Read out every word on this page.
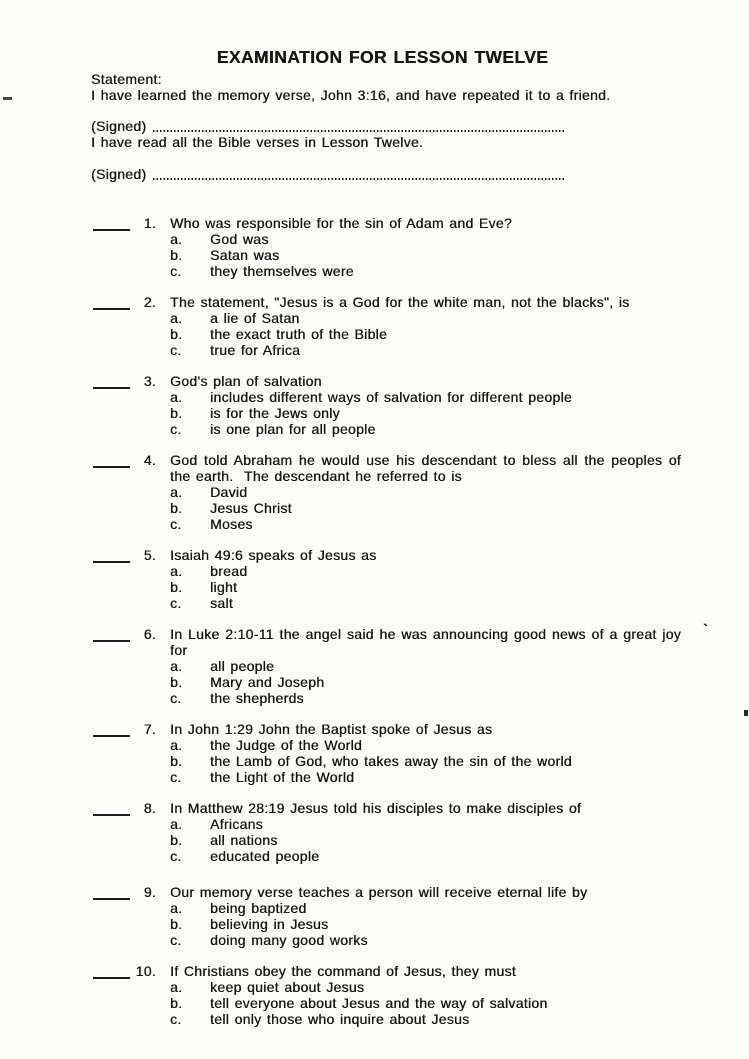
EXAMINATION FOR LESSON TWELVE
Statement:
I have learned the memory verse, John 3:16, and have repeated it to a friend.
(Signed)
I have read all the Bible verses in Lesson Twelve.
(Signed)
1. Who was responsible for the sin of Adam and Eve?
a.	God was
b.	Satan was
c.	they themselves were
2. The statement, "Jesus is a God for the white man, not the blacks", is
a.	a lie of Satan
b.	the exact truth of the Bible
c.	true for Africa
3. God's plan of salvation
a.	includes different ways of salvation for different people
b.	is for the Jews only
c.	is one plan for all people
4. God told Abraham he would use his descendant to bless all the peoples of
the earth.  The descendant he referred to is
a.	David
b.	Jesus Christ
c.	Moses
5. Isaiah 49:6 speaks of Jesus as
a.	bread
b.	light
c.	salt
6. In Luke 2:10-11 the angel said he was announcing good news of a great joy
for
a.	all people
b.	Mary and Joseph
c.	the shepherds
7. In John 1:29 John the Baptist spoke of Jesus as
a.	the Judge of the World
b.	the Lamb of God, who takes away the sin of the world
c.	the Light of the World
8. In Matthew 28:19 Jesus told his disciples to make disciples of
a.	Africans
b.	all nations
c.	educated people
9. Our memory verse teaches a person will receive eternal life by
a.	being baptized
b.	believing in Jesus
c.	doing many good works
10. If Christians obey the command of Jesus, they must
a.	keep quiet about Jesus
b.	tell everyone about Jesus and the way of salvation
c.	tell only those who inquire about Jesus
`
